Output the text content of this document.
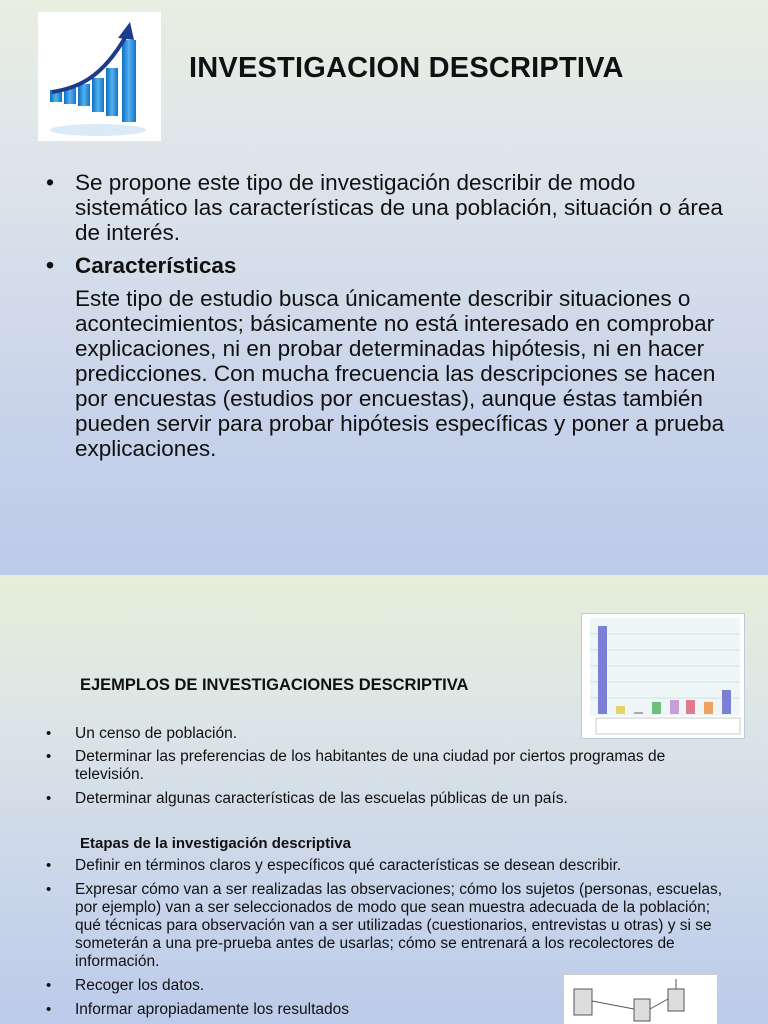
INVESTIGACION DESCRIPTIVA
• Se propone este tipo de investigación describir de modo sistemático las características de una población, situación o área de interés.
• Características
Este tipo de estudio busca únicamente describir situaciones o acontecimientos; básicamente no está interesado en comprobar explicaciones, ni en probar determinadas hipótesis, ni en hacer predicciones. Con mucha frecuencia las descripciones se hacen por encuestas (estudios por encuestas), aunque éstas también pueden servir para probar hipótesis específicas y poner a prueba explicaciones.
EJEMPLOS DE INVESTIGACIONES DESCRIPTIVA
• Un censo de población.
• Determinar las preferencias de los habitantes de una ciudad por ciertos programas de televisión.
• Determinar algunas características de las escuelas públicas de un país.
Etapas de la investigación descriptiva
• Definir en términos claros y específicos qué características se desean describir.
• Expresar cómo van a ser realizadas las observaciones; cómo los sujetos (personas, escuelas, por ejemplo) van a ser seleccionados de modo que sean muestra adecuada de la población; qué técnicas para observación van a ser utilizadas (cuestionarios, entrevistas u otras) y si se someterán a una pre-prueba antes de usarlas; cómo se entrenará a los recolectores de información.
• Recoger los datos.
• Informar apropiadamente los resultados
